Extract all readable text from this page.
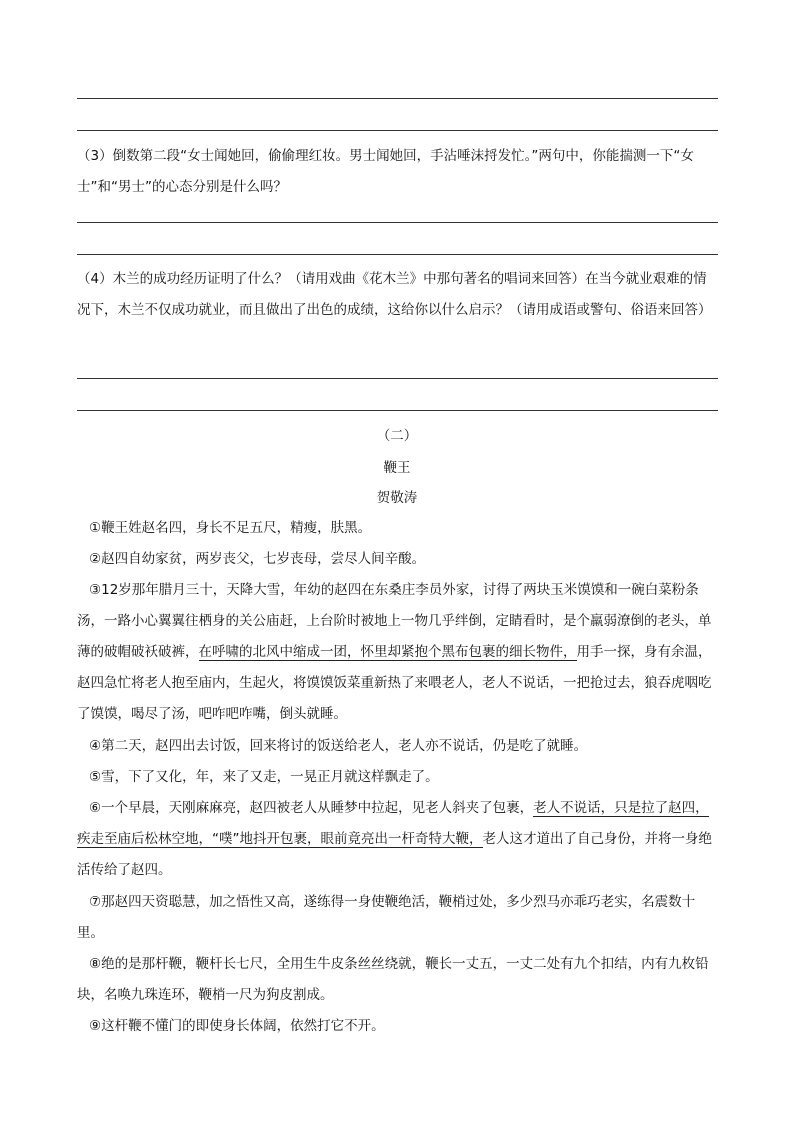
（3）倒数第二段“女士闻她回，偷偷理红妆。男士闻她回，手沾唾沫捋发忙。”两句中，你能揣测一下“女士”和“男士”的心态分别是什么吗？
（4）木兰的成功经历证明了什么？（请用戏曲《花木兰》中那句著名的唱词来回答）在当今就业艰难的情况下，木兰不仅成功就业，而且做出了出色的成绩，这给你以什么启示？（请用成语或警句、俗语来回答）
（二）
鞭王
贺敬涛
①鞭王姓赵名四，身长不足五尺，精瘦，肤黑。
②赵四自幼家贫，两岁丧父，七岁丧母，尝尽人间辛酸。
③12岁那年腊月三十，天降大雪，年幼的赵四在东桑庄李员外家，讨得了两块玉米馍馍和一碗白菜粉条汤，一路小心翼翼往栖身的关公庙赶，上台阶时被地上一物几乎绊倒，定睛看时，是个羸弱潦倒的老头，单薄的破帽破袄破裤，在呼啸的北风中缩成一团，怀里却紧抱个黑布包裹的细长物件，用手一探，身有余温，赵四急忙将老人抱至庙内，生起火，将馍馍饭菜重新热了来喂老人，老人不说话，一把抢过去，狼吞虎咽吃了馍馍，喝尽了汤，吧咋吧咋嘴，倒头就睡。
④第二天，赵四出去讨饭，回来将讨的饭送给老人，老人亦不说话，仍是吃了就睡。
⑤雪，下了又化，年，来了又走，一晃正月就这样飘走了。
⑥一个早晨，天刚麻麻亮，赵四被老人从睡梦中拉起，见老人斜夹了包裹，老人不说话，只是拉了赵四，疾走至庙后松林空地，“噗”地抖开包裹，眼前竟亮出一杆奇特大鞭，老人这才道出了自己身份，并将一身绝活传给了赵四。
⑦那赵四天资聪慧，加之悟性又高，遂练得一身使鞭绝活，鞭梢过处，多少烈马亦乖巧老实，名震数十里。
⑧绝的是那杆鞭，鞭杆长七尺，全用生牛皮条丝丝绕就，鞭长一丈五，一丈二处有九个扣结，内有九枚铅块，名唤九珠连环，鞭梢一尺为狗皮割成。
⑨这杆鞭不懂门的即使身长体阔，依然打它不开。
